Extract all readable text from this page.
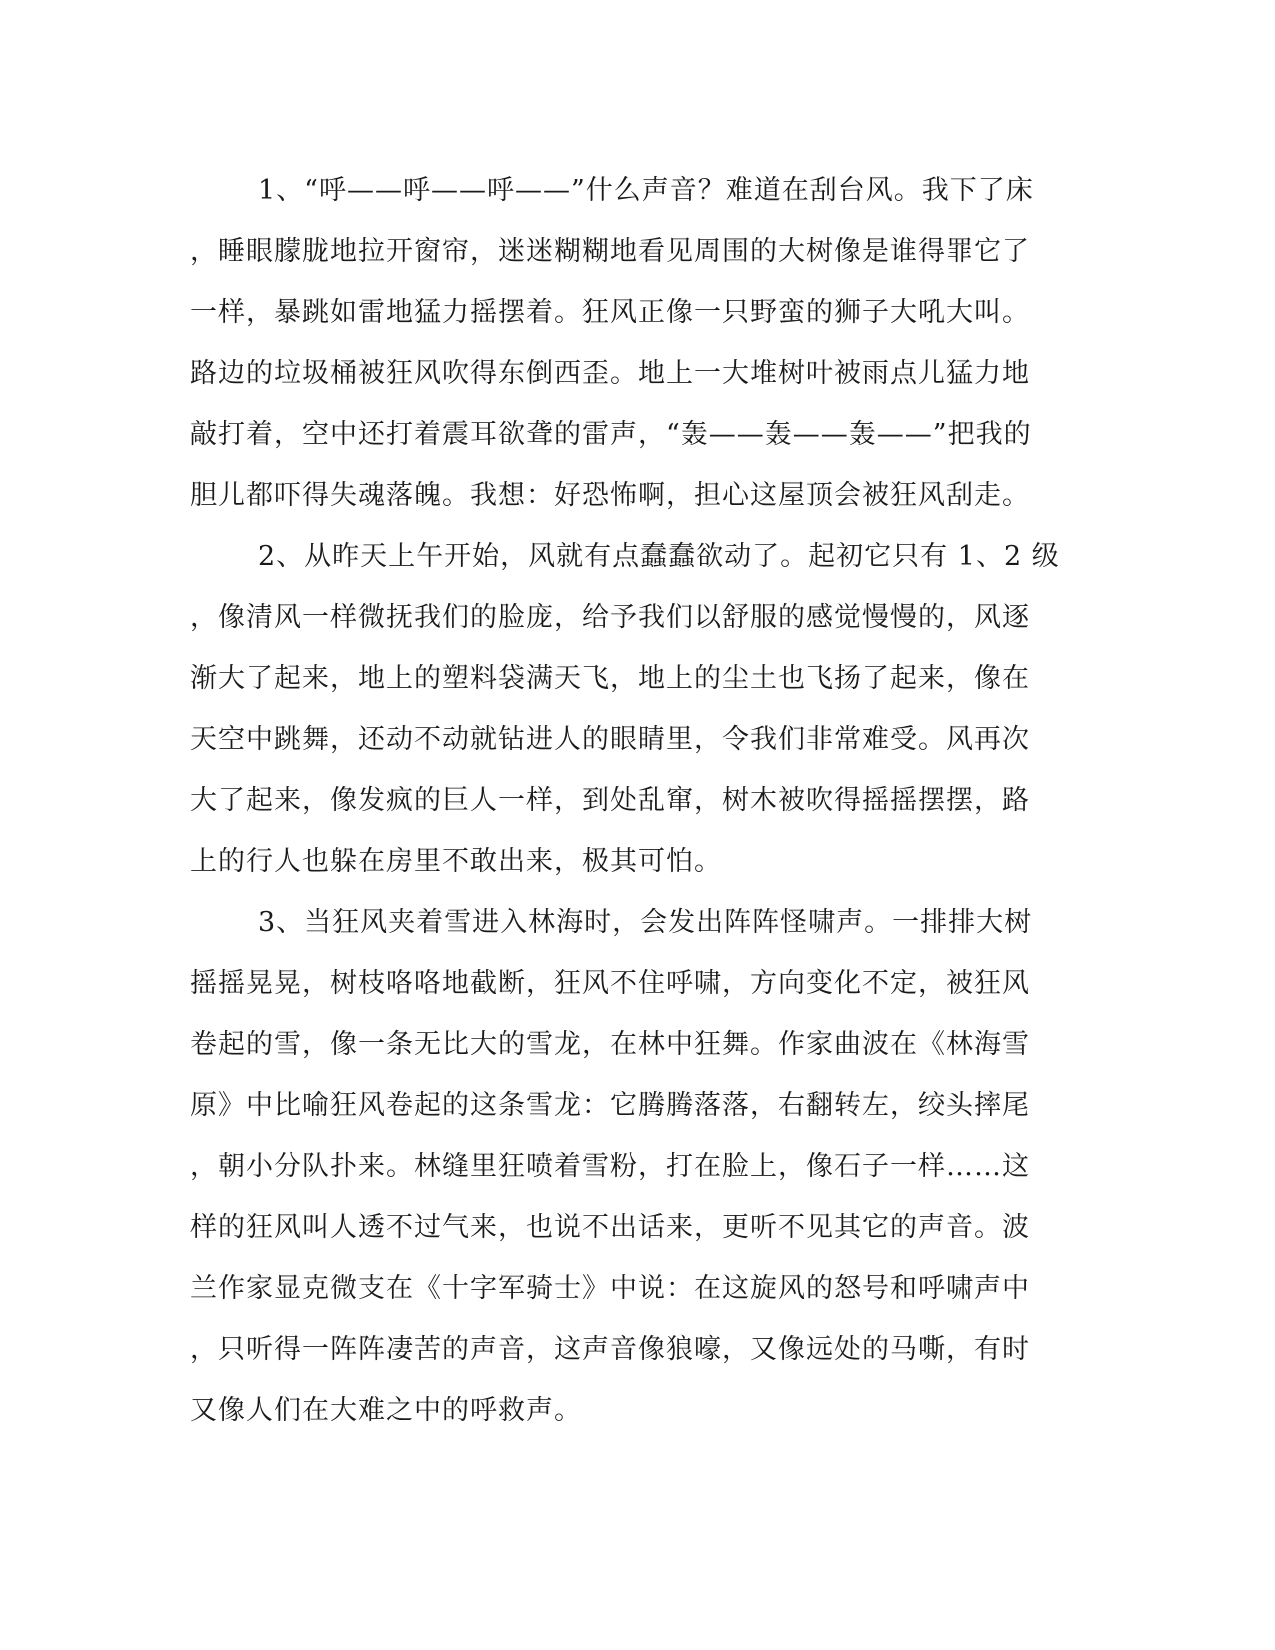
1、“呼——呼——呼——”什么声音？难道在刮台风。我下了床
，睡眼朦胧地拉开窗帘，迷迷糊糊地看见周围的大树像是谁得罪它了
一样，暴跳如雷地猛力摇摆着。狂风正像一只野蛮的狮子大吼大叫。
路边的垃圾桶被狂风吹得东倒西歪。地上一大堆树叶被雨点儿猛力地
敲打着，空中还打着震耳欲聋的雷声，“轰——轰——轰——”把我的
胆儿都吓得失魂落魄。我想：好恐怖啊，担心这屋顶会被狂风刮走。
2、从昨天上午开始，风就有点蠢蠢欲动了。起初它只有 1、2 级
，像清风一样微抚我们的脸庞，给予我们以舒服的感觉慢慢的，风逐
渐大了起来，地上的塑料袋满天飞，地上的尘土也飞扬了起来，像在
天空中跳舞，还动不动就钻进人的眼睛里，令我们非常难受。风再次
大了起来，像发疯的巨人一样，到处乱窜，树木被吹得摇摇摆摆，路
上的行人也躲在房里不敢出来，极其可怕。
3、当狂风夹着雪进入林海时，会发出阵阵怪啸声。一排排大树
摇摇晃晃，树枝咯咯地截断，狂风不住呼啸，方向变化不定，被狂风
卷起的雪，像一条无比大的雪龙，在林中狂舞。作家曲波在《林海雪
原》中比喻狂风卷起的这条雪龙：它腾腾落落，右翻转左，绞头摔尾
，朝小分队扑来。林缝里狂喷着雪粉，打在脸上，像石子一样……这
样的狂风叫人透不过气来，也说不出话来，更听不见其它的声音。波
兰作家显克微支在《十字军骑士》中说：在这旋风的怒号和呼啸声中
，只听得一阵阵凄苦的声音，这声音像狼嚎，又像远处的马嘶，有时
又像人们在大难之中的呼救声。
